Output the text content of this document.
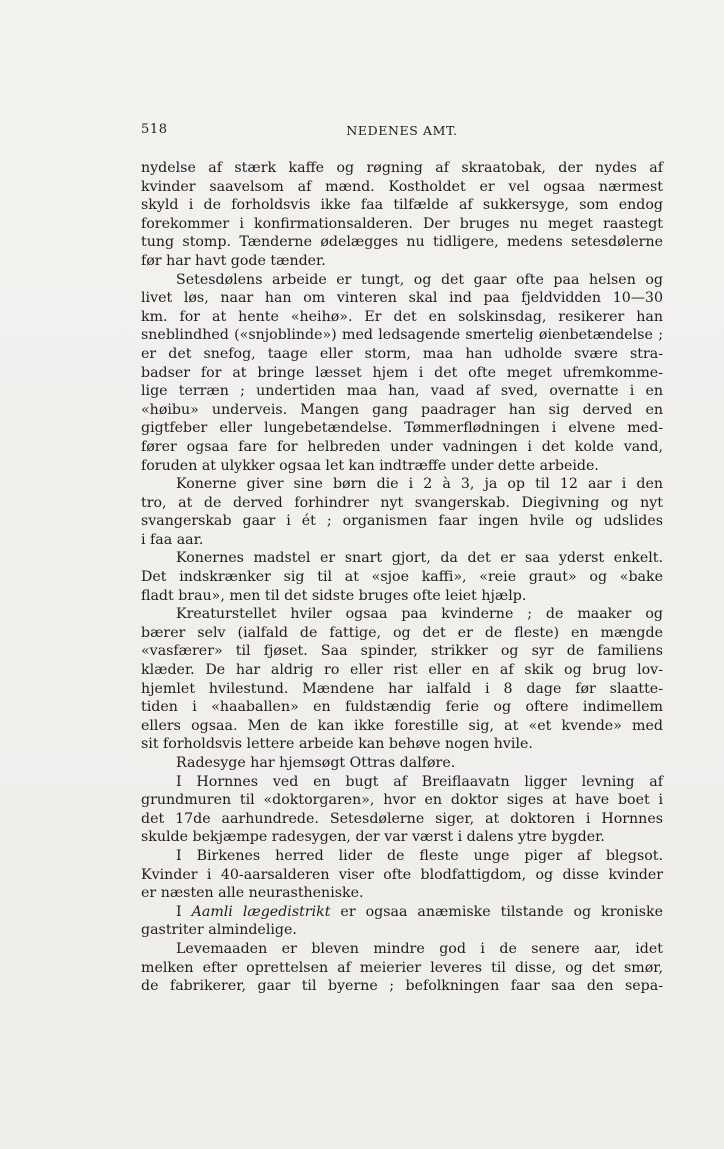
518	NEDENES AMT.
nydelse af stærk kaffe og røgning af skraatobak, der nydes af
kvinder saavelsom af mænd. Kostholdet er vel ogsaa nærmest
skyld i de forholdsvis ikke faa tilfælde af sukkersyge, som endog
forekommer i konfirmationsalderen. Der bruges nu meget raastegt
tung stomp. Tænderne ødelægges nu tidligere, medens setesdølerne
før har havt gode tænder.
Setesdølens arbeide er tungt, og det gaar ofte paa helsen og
livet løs, naar han om vinteren skal ind paa fjeldvidden 10—30
km. for at hente «heihø». Er det en solskinsdag, resikerer han
sneblindhed («snjoblinde») med ledsagende smertelig øienbetændelse ;
er det snefog, taage eller storm, maa han udholde svære stra-
badser for at bringe læsset hjem i det ofte meget ufremkomme-
lige terræn ; undertiden maa han, vaad af sved, overnatte i en
«høibu» underveis. Mangen gang paadrager han sig derved en
gigtfeber eller lungebetændelse. Tømmerflødningen i elvene med-
fører ogsaa fare for helbreden under vadningen i det kolde vand,
foruden at ulykker ogsaa let kan indtræffe under dette arbeide.
Konerne giver sine børn die i 2 à 3, ja op til 12 aar i den
tro, at de derved forhindrer nyt svangerskab. Diegivning og nyt
svangerskab gaar i ét ; organismen faar ingen hvile og udslides
i faa aar.
Konernes madstel er snart gjort, da det er saa yderst enkelt.
Det indskrænker sig til at «sjoe kaffi», «reie graut» og «bake
fladt brau», men til det sidste bruges ofte leiet hjælp.
Kreaturstellet hviler ogsaa paa kvinderne ; de maaker og
bærer selv (ialfald de fattige, og det er de fleste) en mængde
«vasfærer» til fjøset. Saa spinder, strikker og syr de familiens
klæder. De har aldrig ro eller rist eller en af skik og brug lov-
hjemlet hvilestund. Mændene har ialfald i 8 dage før slaatte-
tiden i «haaballen» en fuldstændig ferie og oftere indimellem
ellers ogsaa. Men de kan ikke forestille sig, at «et kvende» med
sit forholdsvis lettere arbeide kan behøve nogen hvile.
Radesyge har hjemsøgt Ottras dalføre.
I Hornnes ved en bugt af Breiflaavatn ligger levning af
grundmuren til «doktorgaren», hvor en doktor siges at have boet i
det 17de aarhundrede. Setesdølerne siger, at doktoren i Hornnes
skulde bekjæmpe radesygen, der var værst i dalens ytre bygder.
I Birkenes herred lider de fleste unge piger af blegsot.
Kvinder i 40-aarsalderen viser ofte blodfattigdom, og disse kvinder
er næsten alle neurastheniske.
I Aamli lægedistrikt er ogsaa anæmiske tilstande og kroniske
gastriter almindelige.
Levemaaden er bleven mindre god i de senere aar, idet
melken efter oprettelsen af meierier leveres til disse, og det smør,
de fabrikerer, gaar til byerne ; befolkningen faar saa den sepa-
